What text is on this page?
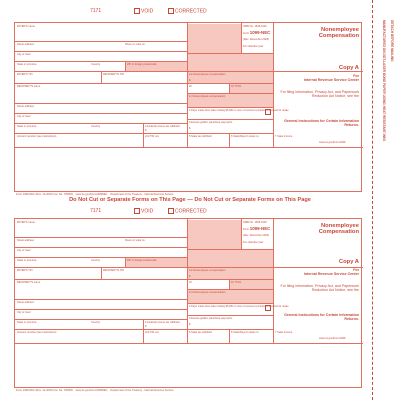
MANUFACTURED ON DOT-LASER BOND PAPER USING HEAT RESISTANT INKS DETACH BEFORE MAILING
7171	VOID	CORRECTED
PAYER'S name
Street address	Room or suite no.
City or town
State or province	Country	ZIP or foreign postal code
PAYER'S TIN	RECIPIENT'S TIN
RECIPIENT'S name
Street address
City or town
State or province	Country
Account number (see instructions)	2nd TIN not.
OMB No. 1545-0116
Form 1099-NEC
(Rev. December 2026)
For calendar year
1a Nonemployee compensation
$
1b	1b TTAS
1c Nonemployee compensation
2 Payer made direct sales totaling $5,000 or more of consumer products to recipient for resale
3 Excess golden parachute payments
$
4 Federal income tax withheld
$
5 State tax withheld	6 State/Payer's state no.	7 State income
Nonemployee
Compensation
Copy A
For
Internal Revenue Service Center
For filing information, Privacy Act, and Paperwork Reduction Act Notice, see the
General Instructions for Certain Information Returns.
www.irs.gov/Form1099
Form 1099-NEC (Rev. 12-2026) Cat. No. 72590N www.irs.gov/Form1099NEC Department of the Treasury - Internal Revenue Service
Do Not Cut or Separate Forms on This Page — Do Not Cut or Separate Forms on This Page
7171	VOID	CORRECTED
PAYER'S name
Street address	Room or suite no.
City or town
State or province	Country	ZIP or foreign postal code
PAYER'S TIN	RECIPIENT'S TIN
RECIPIENT'S name
Street address
City or town
State or province	Country
Account number (see instructions)	2nd TIN not.
OMB No. 1545-0116
Form 1099-NEC
(Rev. December 2026)
For calendar year
1a Nonemployee compensation
$
1b	1b TTAS
1c Nonemployee compensation
2 Payer made direct sales totaling $5,000 or more of consumer products to recipient for resale
3 Excess golden parachute payments
$
4 Federal income tax withheld
$
5 State tax withheld	6 State/Payer's state no.	7 State income
Nonemployee
Compensation
Copy A
For
Internal Revenue Service Center
For filing information, Privacy Act, and Paperwork Reduction Act Notice, see the
General Instructions for Certain Information Returns.
www.irs.gov/Form1099
Form 1099-NEC (Rev. 12-2026) Cat. No. 72590N www.irs.gov/Form1099NEC Department of the Treasury - Internal Revenue Service
